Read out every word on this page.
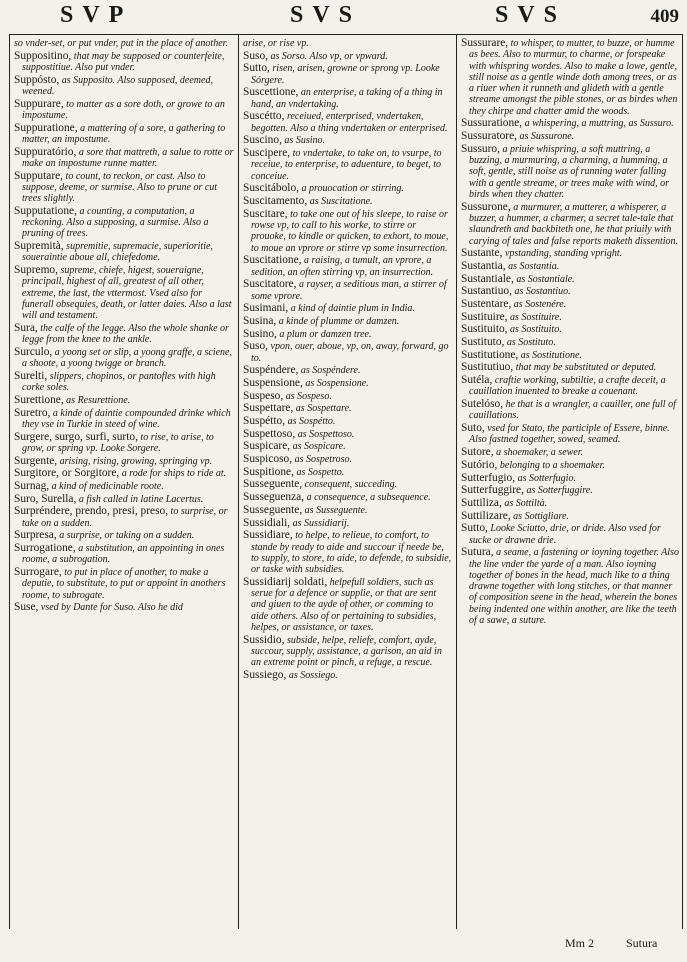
SVP	SVS	SVS	409
so vnder-set, or put vnder, put in the place of another.
Suppositino, that may be supposed or counterfeite, suppostitiue. Also put vnder.
Suppósto, as Supposito. Also supposed, deemed, weened.
Suppurare, to matter as a sore doth, or growe to an impostume.
Suppuratione, a mattering of a sore, a gathering to matter, an impostume.
Suppuratório, a sore that mattreth, a salue to rotte or make an impostume runne matter.
Supputare, to count, to reckon, or cast. Also to suppose, deeme, or surmise. Also to prune or cut trees slightly.
Supputatione, a counting, a computation, a reckoning. Also a supposing, a surmise. Also a pruning of trees.
Supremità, supremitie, supremacie, superioritie, soueraintie aboue all, chiefedome.
Supremo, supreme, chiefe, higest, soueraigne, principall, highest of all, greatest of all other, extreme, the last, the vttermost. Vsed also for funerall obsequies, death, or latter daies. Also a last will and testament.
Sura, the calfe of the legge. Also the whole shanke or legge from the knee to the ankle.
Surculo, a yoong set or slip, a yoong graffe, a sciene, a shoote, a yoong twigge or branch.
Surelti, slippers, chopinos, or pantofles with high corke soles.
Surettione, as Resurettione.
Suretro, a kinde of daintie compounded drinke which they vse in Turkie in steed of wine.
Surgere, surgo, surfi, surto, to rise, to arise, to grow, or spring vp. Looke Sorgere.
Surgente, arising, rising, growing, springing vp.
Surgitore, or Sorgitore, a rode for ships to ride at.
Surnag, a kind of medicinable roote.
Suro, Surella, a fish called in latine Lacertus.
Surpréndere, prendo, presi, preso, to surprise, or take on a sudden.
Surpresa, a surprise, or taking on a sudden.
Surrogatione, a substitution, an appointing in ones roome, a subrogation.
Surrogare, to put in place of another, to make a deputie, to substitute, to put or appoint in anothers roome, to subrogate.
Suse, vsed by Dante for Suso. Also he did
arise, or rise vp.
Suso, as Sorso. Also vp, or vpward.
Sutto, risen, arisen, growne or sprong vp. Looke Sórgere.
Suscettione, an enterprise, a taking of a thing in hand, an vndertaking.
Suscétto, receiued, enterprised, vndertaken, begotten. Also a thing vndertaken or enterprised.
Suscino, as Susino.
Suscipere, to vndertake, to take on, to vsurpe, to receiue, to enterprise, to aduenture, to beget, to conceiue.
Suscitábolo, a prouocation or stirring.
Suscitamento, as Suscitatione.
Suscitare, to take one out of his sleepe, to raise or rowse vp, to call to his worke, to stirre or prouoke, to kindle or quicken, to exhort, to moue, to moue an vprore or stirre vp some insurrection.
Suscitatione, a raising, a tumult, an vprore, a sedition, an often stirring vp, an insurrection.
Suscitatore, a rayser, a seditious man, a stirrer of some vprore.
Susimani, a kind of daintie plum in India.
Susina, a kinde of plumme or damzen.
Susino, a plum or damzen tree.
Suso, vpon, ouer, aboue, vp, on, away, forward, go to.
Suspéndere, as Sospéndere.
Suspensione, as Sospensione.
Suspeso, as Sospeso.
Suspettare, as Sospettare.
Suspétto, as Sospétto.
Suspettoso, as Sospettoso.
Suspicare, as Sospicare.
Suspicoso, as Sospetroso.
Suspitione, as Sospetto.
Susseguente, consequent, succeding.
Susseguenza, a consequence, a subsequence.
Susseguente, as Susseguente.
Sussidiali, as Sussidiarij.
Sussidiare, to helpe, to relieue, to comfort, to stande by ready to aide and succour if neede be, to supply, to store, to aide, to defende, to subsidie, or taske with subsidies.
Sussidiarij soldati, helpefull soldiers, such as serue for a defence or supplie, or that are sent and giuen to the ayde of other, or comming to aide others. Also of or pertaining to subsidies, helpes, or assistance, or taxes.
Sussidio, subside, helpe, reliefe, comfort, ayde, succour, supply, assistance, a garison, an aid in an extreme point or pinch, a refuge, a rescue.
Sussiego, as Sossiego.
Sussurare, to whisper, to mutter, to buzze, or humme as bees. Also to murmur, to charme, or forspeake with whispring wordes. Also to make a lowe, gentle, still noise as a gentle winde doth among trees, or as a riuer when it runneth and glideth with a gentle streame amongst the pible stones, or as birdes when they chirpe and chatter amid the woods.
Sussuratione, a whispering, a muttring, as Sussuro.
Sussuratore, as Sussurone.
Sussuro, a priuie whispring, a soft muttring, a buzzing, a murmuring, a charming, a humming, a soft, gentle, still noise as of running water falling with a gentle streame, or trees make with wind, or birds when they chatter.
Sussurone, a murmurer, a mutterer, a whisperer, a buzzer, a hummer, a charmer, a secret tale-tale that slaundreth and backbiteth one, he that priuily with carying of tales and false reports maketh dissention.
Sustante, vpstanding, standing vpright.
Sustantia, as Sostantia.
Sustantiale, as Sostantiale.
Sustantiuo, as Sostantiuo.
Sustentare, as Sostenére.
Sustituire, as Sostituire.
Sustituito, as Sostituito.
Sustituto, as Sostituto.
Sustitutione, as Sostitutione.
Sustitutiuo, that may be substituted or deputed.
Sutéla, craftie working, subtiltie, a crafte deceit, a cauillation inuented to breake a couenant.
Sutelóso, he that is a wrangler, a cauiller, one full of cauillations.
Suto, vsed for Stato, the participle of Essere, binne. Also fastned together, sowed, seamed.
Sutore, a shoemaker, a sewer.
Sutório, belonging to a shoemaker.
Sutterfugio, as Sotterfugio.
Sutterfuggire, as Sotterfuggire.
Suttiliza, as Sottiltà.
Suttilizare, as Sottigliare.
Sutto, Looke Sciutto, drie, or dride. Also vsed for sucke or drawne drie.
Sutura, a seame, a fastening or ioyning together. Also the line vnder the yarde of a man. Also ioyning together of bones in the head, much like to a thing drawne together with long stitches, or that manner of composition seene in the head, wherein the bones being indented one within another, are like the teeth of a sawe, a suture.
Mm 2	Sutura
